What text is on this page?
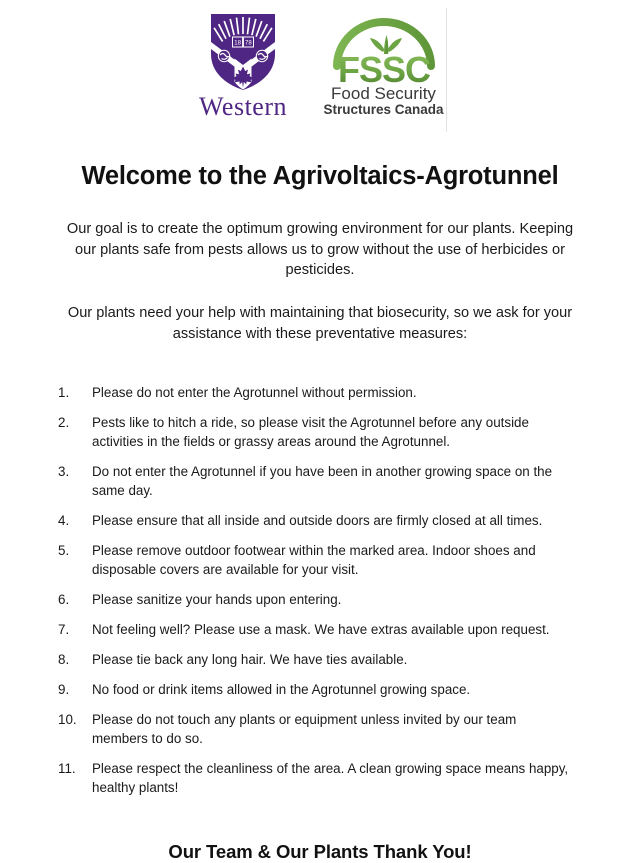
18 78
Western
FSSC
Food Security
Structures Canada
Welcome to the Agrivoltaics-Agrotunnel

Our goal is to create the optimum growing environment for our plants. Keeping our plants safe from pests allows us to grow without the use of herbicides or pesticides.

Our plants need your help with maintaining that biosecurity, so we ask for your assistance with these preventative measures:

1.	Please do not enter the Agrotunnel without permission.
2.	Pests like to hitch a ride, so please visit the Agrotunnel before any outside activities in the fields or grassy areas around the Agrotunnel.
3.	Do not enter the Agrotunnel if you have been in another growing space on the same day.
4.	Please ensure that all inside and outside doors are firmly closed at all times.
5.	Please remove outdoor footwear within the marked area. Indoor shoes and disposable covers are available for your visit.
6.	Please sanitize your hands upon entering.
7.	Not feeling well? Please use a mask. We have extras available upon request.
8.	Please tie back any long hair. We have ties available.
9.	No food or drink items allowed in the Agrotunnel growing space.
10.	Please do not touch any plants or equipment unless invited by our team members to do so.
11.	Please respect the cleanliness of the area. A clean growing space means happy, healthy plants!
Our Team & Our Plants Thank You!
